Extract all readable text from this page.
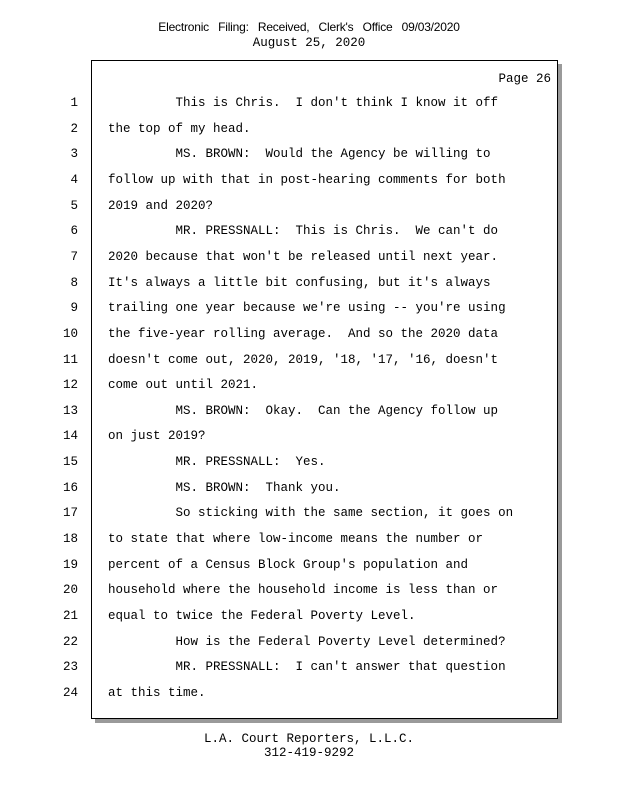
Electronic Filing: Received, Clerk's Office 09/03/2020
August 25, 2020
Page 26
1 This is Chris.  I don't think I know it off
2 the top of my head.
3 MS. BROWN:  Would the Agency be willing to
4 follow up with that in post-hearing comments for both
5 2019 and 2020?
6 MR. PRESSNALL:  This is Chris.  We can't do
7 2020 because that won't be released until next year.
8 It's always a little bit confusing, but it's always
9 trailing one year because we're using -- you're using
10 the five-year rolling average.  And so the 2020 data
11 doesn't come out, 2020, 2019, '18, '17, '16, doesn't
12 come out until 2021.
13 MS. BROWN:  Okay.  Can the Agency follow up
14 on just 2019?
15 MR. PRESSNALL:  Yes.
16 MS. BROWN:  Thank you.
17 So sticking with the same section, it goes on
18 to state that where low-income means the number or
19 percent of a Census Block Group's population and
20 household where the household income is less than or
21 equal to twice the Federal Poverty Level.
22 How is the Federal Poverty Level determined?
23 MR. PRESSNALL:  I can't answer that question
24 at this time.
L.A. Court Reporters, L.L.C.
312-419-9292
